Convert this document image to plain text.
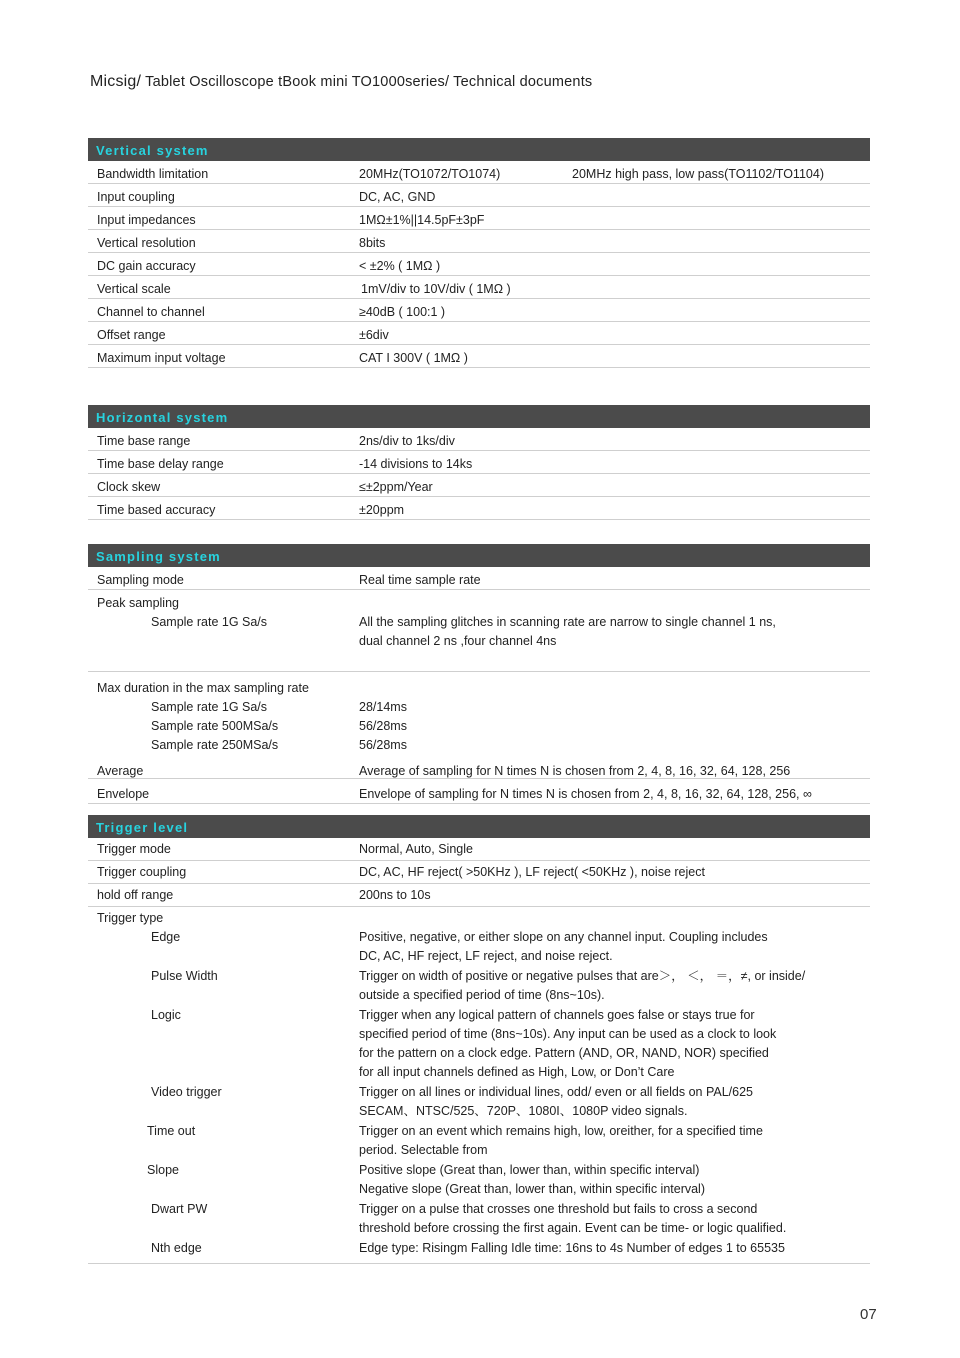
Micsig/ Tablet Oscilloscope tBook mini TO1000series/ Technical documents
Vertical system
Bandwidth limitation	20MHz(TO1072/TO1074)	20MHz high pass, low pass(TO1102/TO1104)
Input coupling	DC, AC, GND
Input impedances	1MΩ±1%||14.5pF±3pF
Vertical resolution	8bits
DC gain accuracy	< ±2% ( 1MΩ )
Vertical scale	1mV/div to 10V/div ( 1MΩ )
Channel to channel	≥40dB ( 100:1 )
Offset range	±6div
Maximum input voltage	CAT I 300V ( 1MΩ )
Horizontal system
Time base range	2ns/div to 1ks/div
Time base delay range	-14 divisions to 14ks
Clock skew	≤±2ppm/Year
Time based accuracy	±20ppm
Sampling system
Sampling mode	Real time sample rate
Peak sampling
Sample rate 1G Sa/s	All the sampling glitches in scanning rate are narrow to single channel 1 ns,
dual channel 2 ns ,four channel 4ns
Max duration in the max sampling rate
Sample rate 1G Sa/s	28/14ms
Sample rate 500MSa/s	56/28ms
Sample rate 250MSa/s	56/28ms
Average	Average of sampling for N times N is chosen from 2, 4, 8, 16, 32, 64, 128, 256
Envelope	Envelope of sampling for N times N is chosen from 2, 4, 8, 16, 32, 64, 128, 256, ∞
Trigger level
Trigger mode	Normal, Auto, Single
Trigger coupling	DC, AC, HF reject( >50KHz ), LF reject( <50KHz ), noise reject
hold off range	200ns to 10s
Trigger type
Edge	Positive, negative, or either slope on any channel input. Coupling includes
DC, AC, HF reject, LF reject, and noise reject.
Pulse Width	Trigger on width of positive or negative pulses that are＞， ＜， ＝，≠, or inside/
outside a specified period of time (8ns~10s).
Logic	Trigger when any logical pattern of channels goes false or stays true for
specified period of time (8ns~10s). Any input can be used as a clock to look
for the pattern on a clock edge. Pattern (AND, OR, NAND, NOR) specified
for all input channels defined as High, Low, or Don’t Care
Video trigger	Trigger on all lines or individual lines, odd/ even or all fields on PAL/625
SECAM、NTSC/525、720P、1080I、1080P video signals.
Time out	Trigger on an event which remains high, low, oreither, for a specified time
period. Selectable from
Slope	Positive slope (Great than, lower than, within specific interval)
Negative slope (Great than, lower than, within specific interval)
Dwart PW	Trigger on a pulse that crosses one threshold but fails to cross a second
threshold before crossing the first again. Event can be time- or logic qualified.
Nth edge	Edge type: Risingm Falling Idle time: 16ns to 4s Number of edges 1 to 65535
07
